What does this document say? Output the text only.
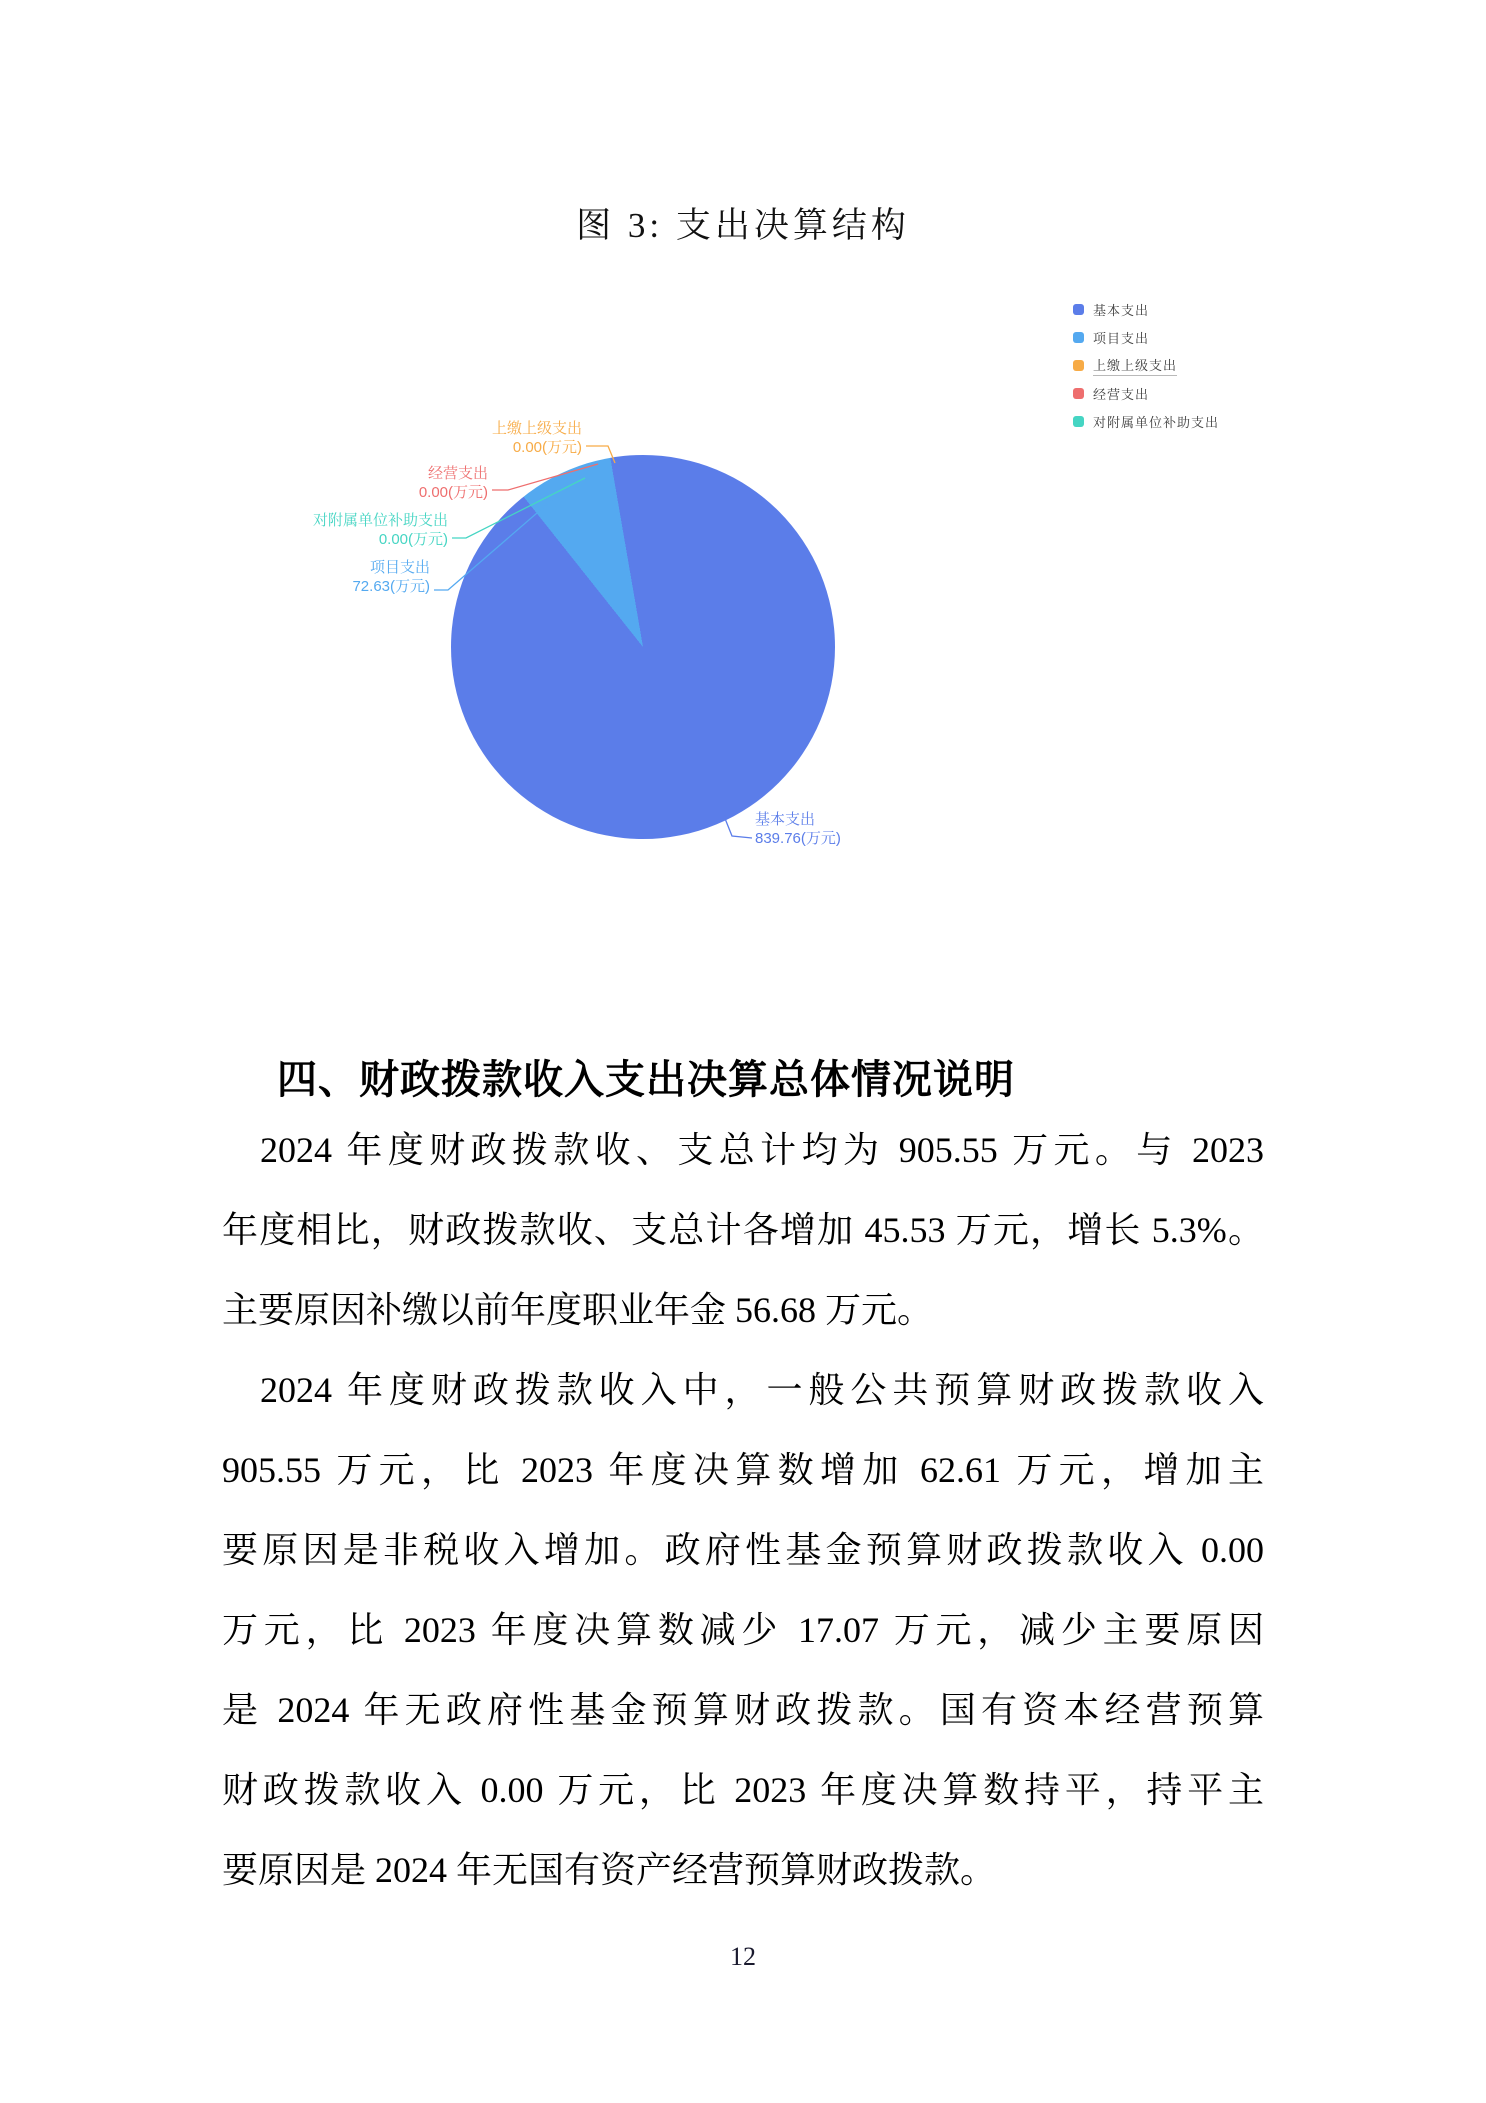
图 3: 支出决算结构
上缴上级支出
0.00(万元)
经营支出
0.00(万元)
对附属单位补助支出
0.00(万元)
项目支出
72.63(万元)
基本支出
839.76(万元)
基本支出
项目支出
上缴上级支出
经营支出
对附属单位补助支出
四、财政拨款收入支出决算总体情况说明
2024 年度财政拨款收、支总计均为 905.55 万元。与 2023
年度相比，财政拨款收、支总计各增加 45.53 万元，增长 5.3%。
主要原因补缴以前年度职业年金 56.68 万元。
2024 年度财政拨款收入中，一般公共预算财政拨款收入
905.55 万元，比 2023 年度决算数增加 62.61 万元，增加主
要原因是非税收入增加。政府性基金预算财政拨款收入 0.00
万元，比 2023 年度决算数减少 17.07 万元，减少主要原因
是 2024 年无政府性基金预算财政拨款。国有资本经营预算
财政拨款收入 0.00 万元，比 2023 年度决算数持平，持平主
要原因是 2024 年无国有资产经营预算财政拨款。
12
